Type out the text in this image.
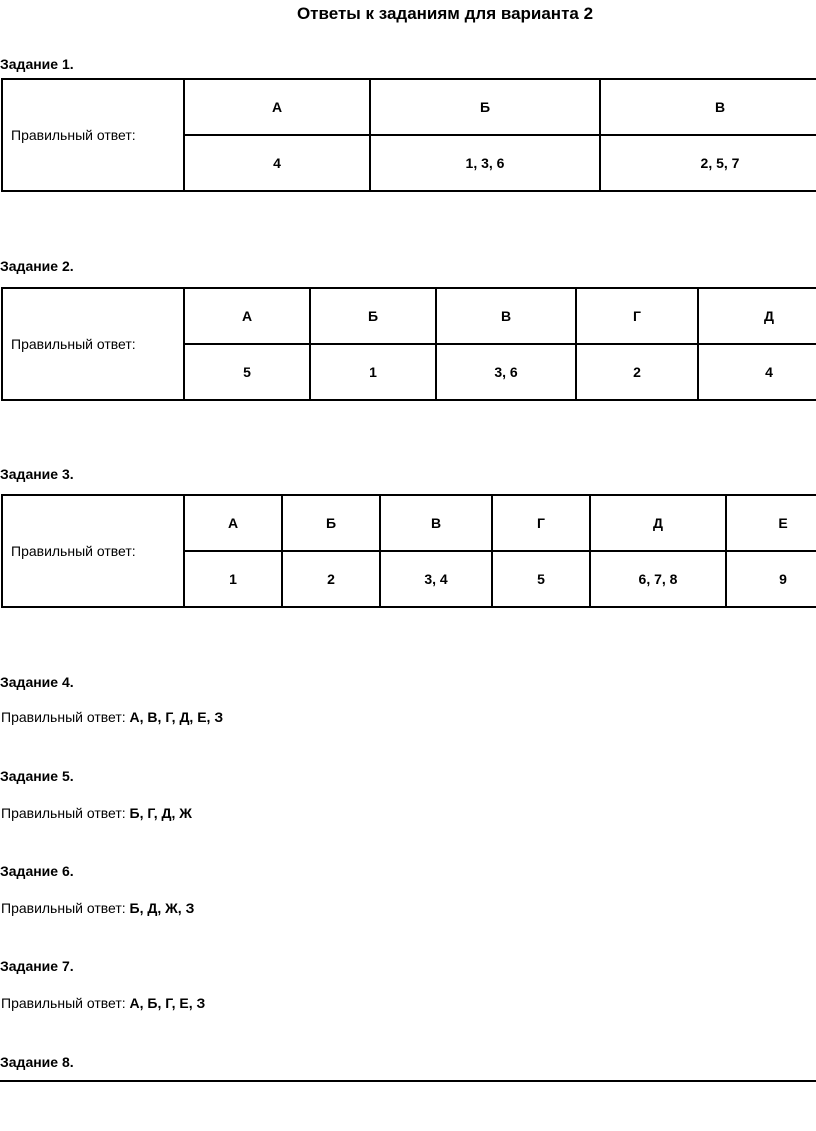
Ответы к заданиям для варианта 2
Задание 1.
Правильный ответ:	А	Б	В
	4	1, 3, 6	2, 5, 7
Задание 2.
Правильный ответ:	А	Б	В	Г	Д
	5	1	3, 6	2	4
Задание 3.
Правильный ответ:	А	Б	В	Г	Д	Е
	1	2	3, 4	5	6, 7, 8	9
Задание 4.
Правильный ответ: А, В, Г, Д, Е, З
Задание 5.
Правильный ответ: Б, Г, Д, Ж
Задание 6.
Правильный ответ: Б, Д, Ж, З
Задание 7.
Правильный ответ: А, Б, Г, Е, З
Задание 8.
